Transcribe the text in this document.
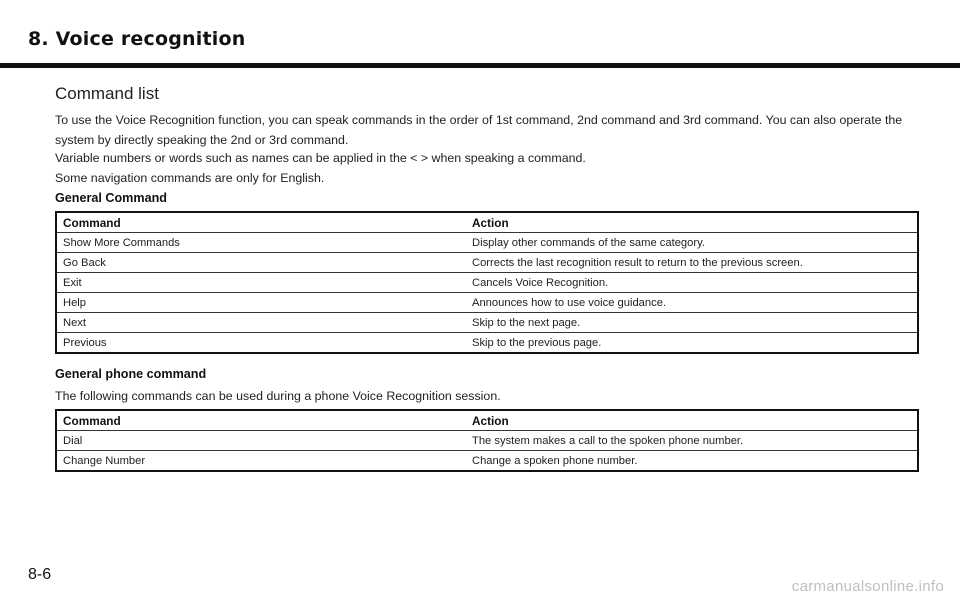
8. Voice recognition
Command list
To use the Voice Recognition function, you can speak commands in the order of 1st command, 2nd command and 3rd command. You can also operate the system by directly speaking the 2nd or 3rd command.
Variable numbers or words such as names can be applied in the < > when speaking a command.
Some navigation commands are only for English.
General Command
Command	Action
Show More Commands	Display other commands of the same category.
Go Back	Corrects the last recognition result to return to the previous screen.
Exit	Cancels Voice Recognition.
Help	Announces how to use voice guidance.
Next	Skip to the next page.
Previous	Skip to the previous page.
General phone command
The following commands can be used during a phone Voice Recognition session.
Command	Action
Dial	The system makes a call to the spoken phone number.
Change Number	Change a spoken phone number.
8-6
carmanualsonline.info
